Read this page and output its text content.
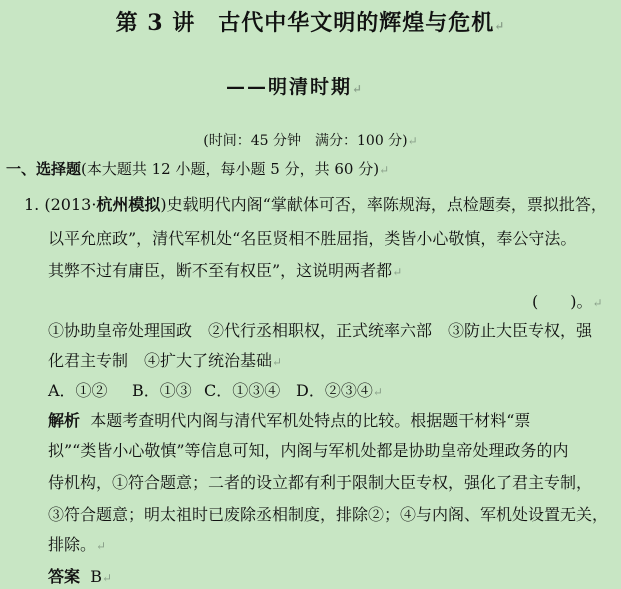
第 3 讲　古代中华文明的辉煌与危机↵
——明清时期↵
(时间：45 分钟　满分：100 分)↵
一、选择题(本大题共 12 小题，每小题 5 分，共 60 分)↵
1. (2013·杭州模拟)史载明代内阁“掌献体可否，率陈规海，点检题奏，票拟批答，
以平允庶政”，清代军机处“名臣贤相不胜屈指，类皆小心敬慎，奉公守法。
其弊不过有庸臣，断不至有权臣”，这说明两者都↵
(　　)。↵
①协助皇帝处理国政　②代行丞相职权，正式统率六部　③防止大臣专权，强
化君主专制　④扩大了统治基础↵
A．①② B．①③ C．①③④ D．②③④↵
解析 本题考查明代内阁与清代军机处特点的比较。根据题干材料“票
拟”“类皆小心敬慎”等信息可知，内阁与军机处都是协助皇帝处理政务的内
侍机构，①符合题意；二者的设立都有利于限制大臣专权，强化了君主专制，
③符合题意；明太祖时已废除丞相制度，排除②；④与内阁、军机处设置无关，
排除。↵
答案 B↵
